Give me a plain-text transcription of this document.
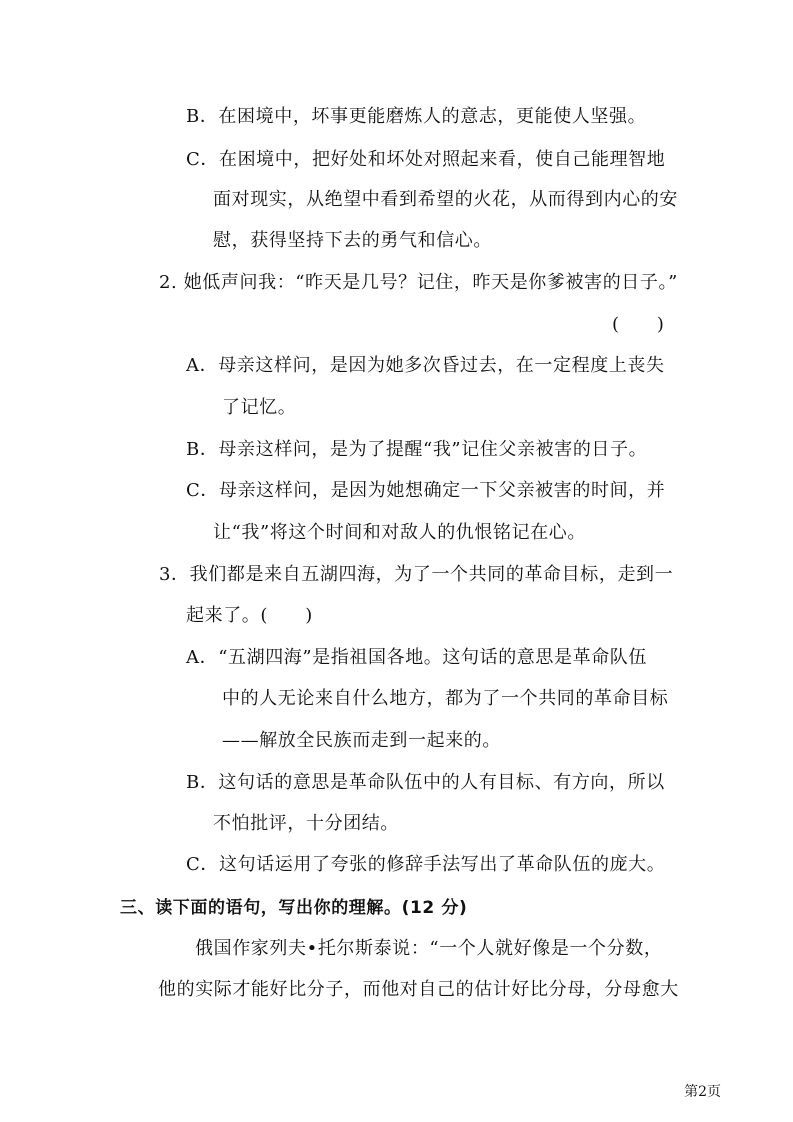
B．在困境中，坏事更能磨炼人的意志，更能使人坚强。
C．在困境中，把好处和坏处对照起来看，使自己能理智地
面对现实，从绝望中看到希望的火花，从而得到内心的安
慰，获得坚持下去的勇气和信心。
2. 她低声问我：“昨天是几号？记住，昨天是你爹被害的日子。”
(　　)
A．母亲这样问，是因为她多次昏过去，在一定程度上丧失
了记忆。
B．母亲这样问，是为了提醒“我”记住父亲被害的日子。
C．母亲这样问，是因为她想确定一下父亲被害的时间，并
让“我”将这个时间和对敌人的仇恨铭记在心。
3．我们都是来自五湖四海，为了一个共同的革命目标，走到一
起来了。(　　)
A．“五湖四海”是指祖国各地。这句话的意思是革命队伍
中的人无论来自什么地方，都为了一个共同的革命目标
——解放全民族而走到一起来的。
B．这句话的意思是革命队伍中的人有目标、有方向，所以
不怕批评，十分团结。
C．这句话运用了夸张的修辞手法写出了革命队伍的庞大。
三、读下面的语句，写出你的理解。(12 分)
俄国作家列夫•托尔斯泰说：“一个人就好像是一个分数，
他的实际才能好比分子，而他对自己的估计好比分母，分母愈大
第2页
